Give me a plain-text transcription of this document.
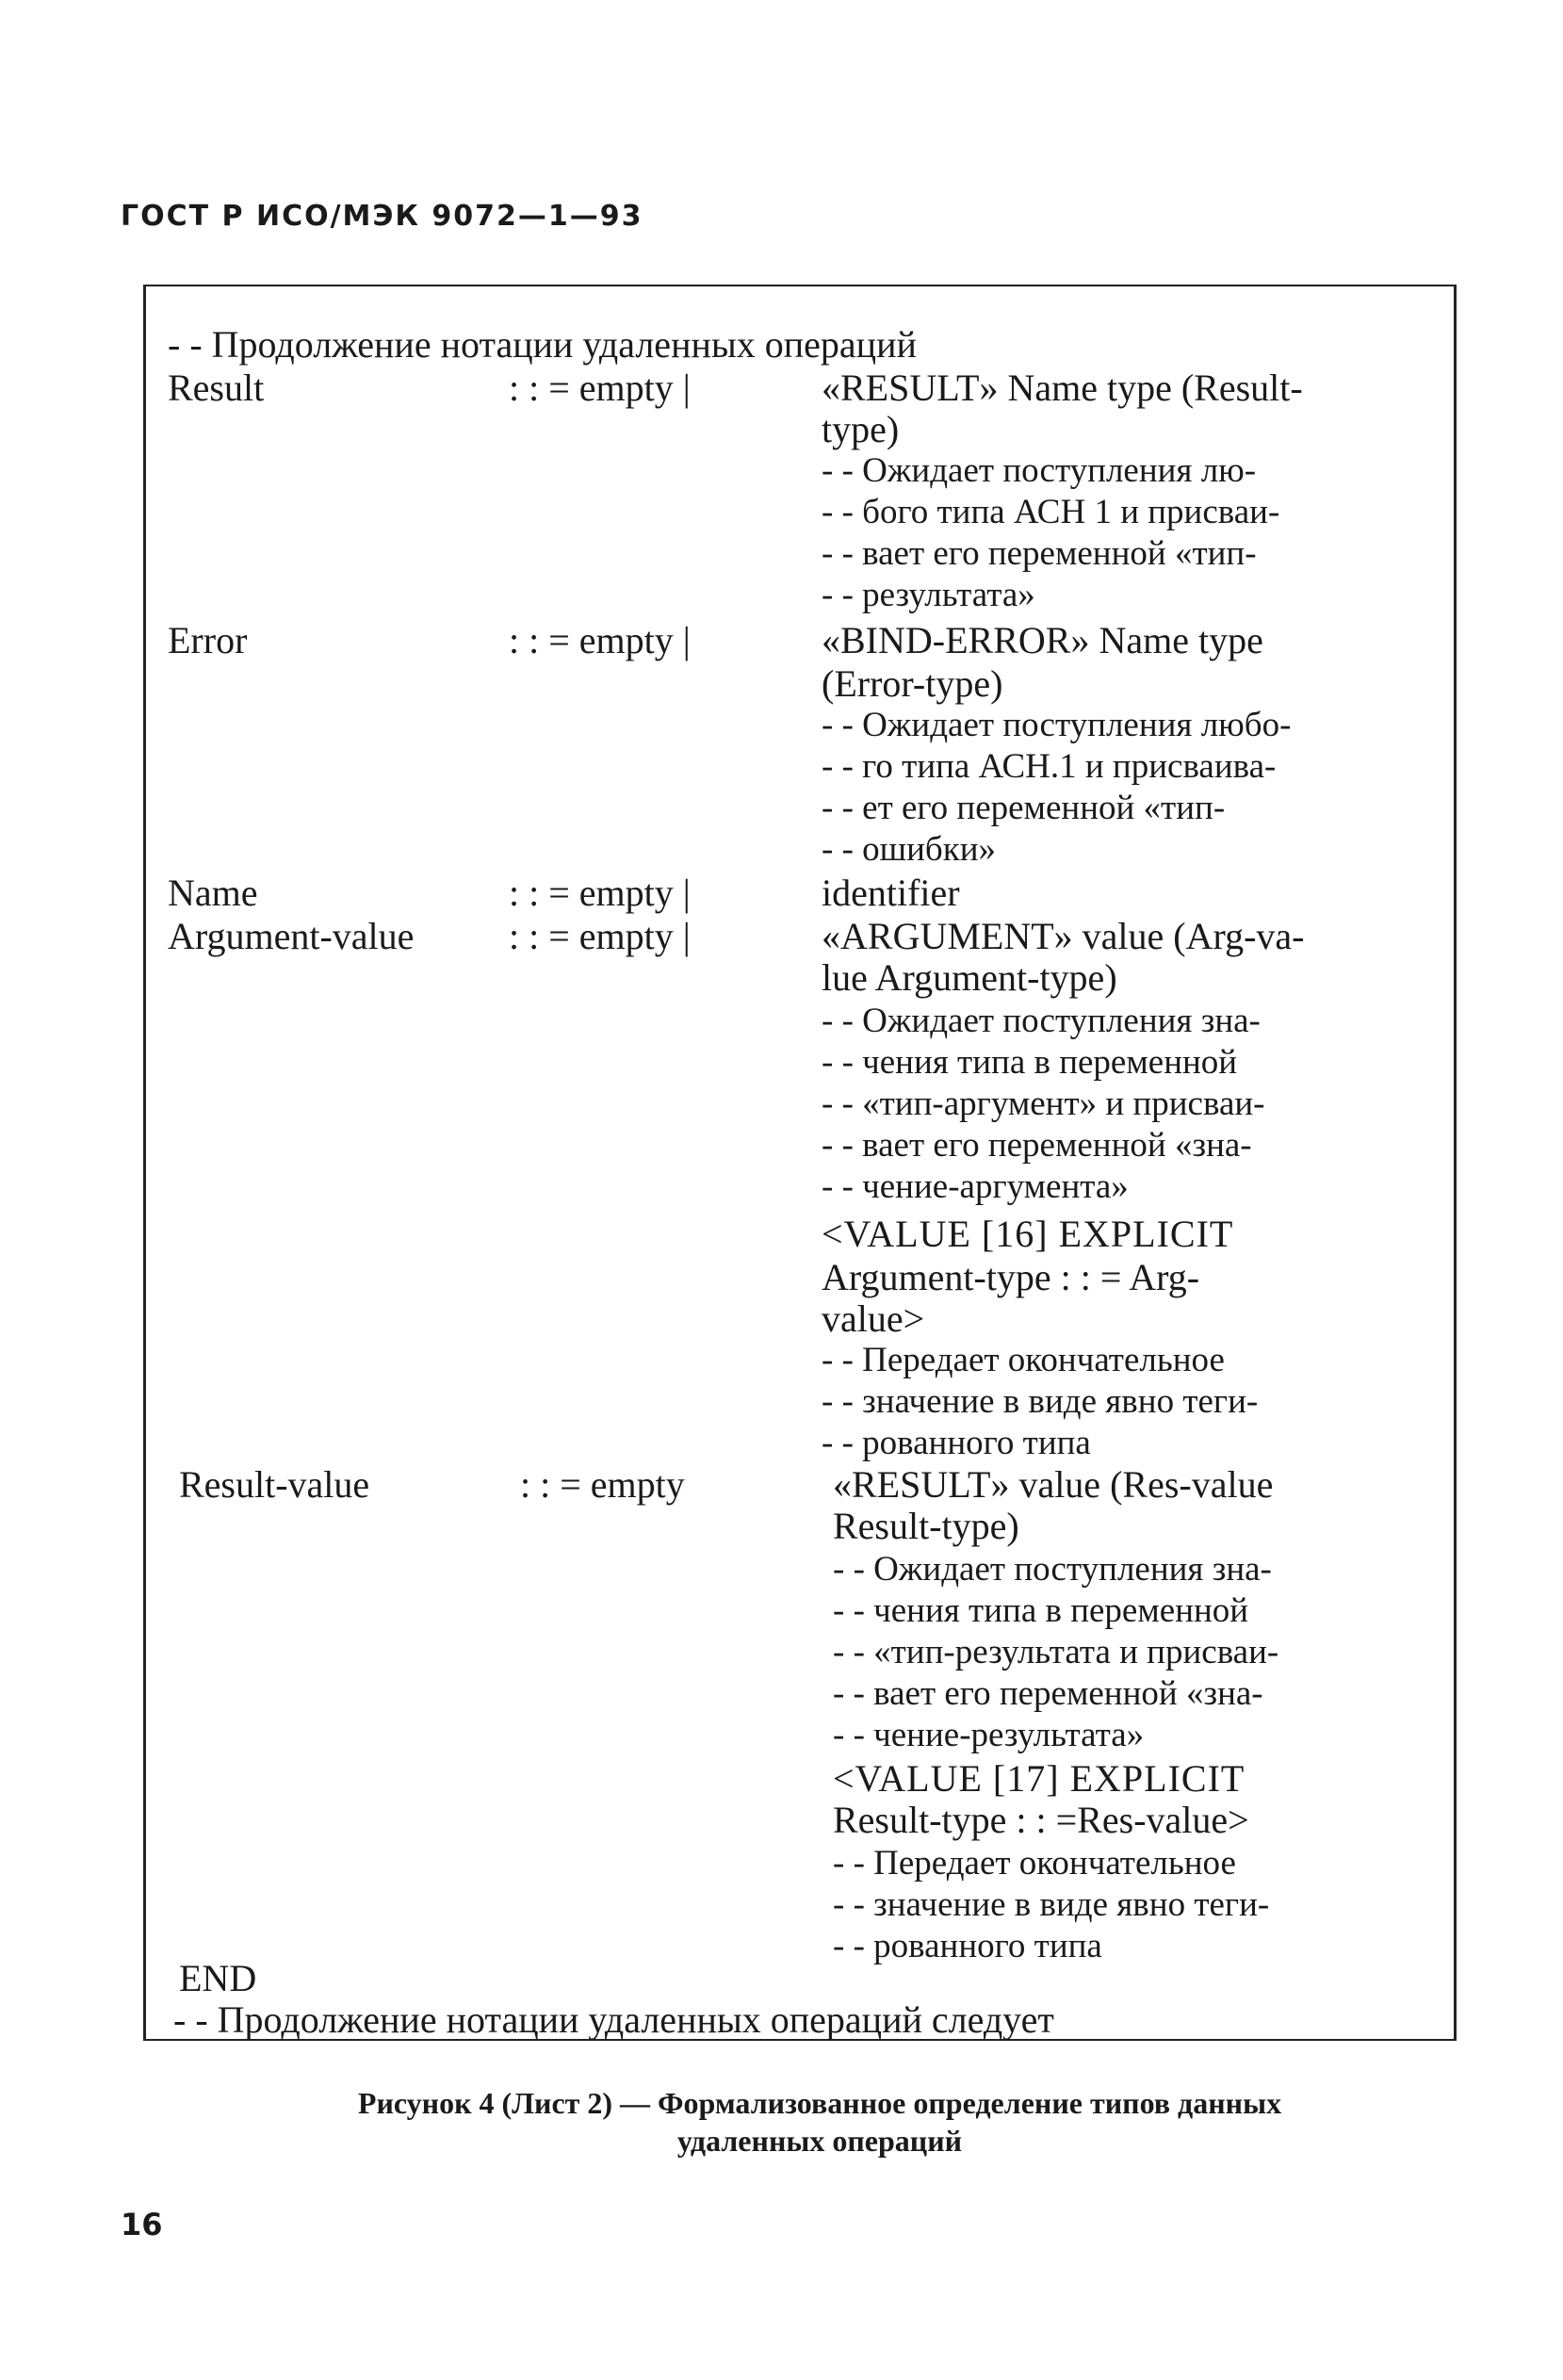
ГОСТ Р ИСО/МЭК 9072—1—93
- - Продолжение нотации удаленных операций
Result	: : = empty |	«RESULT» Name type (Result-
type)
- - Ожидает поступления лю-
- - бого типа АСН 1 и присваи-
- - вает его переменной «тип-
- - результата»
Error	: : = empty |	«BIND-ERROR» Name type
(Error-type)
- - Ожидает поступления любо-
- - го типа АСН.1 и присваива-
- - ет его переменной «тип-
- - ошибки»
Name	: : = empty |	identifier
Argument-value	: : = empty |	«ARGUMENT» value (Arg-va-
lue Argument-type)
- - Ожидает поступления зна-
- - чения типа в переменной
- - «тип-аргумент» и присваи-
- - вает его переменной «зна-
- - чение-аргумента»
<VALUE [16] EXPLICIT
Argument-type : : = Arg-
value>
- - Передает окончательное
- - значение в виде явно теги-
- - рованного типа
Result-value	: : = empty	«RESULT» value (Res-value
Result-type)
- - Ожидает поступления зна-
- - чения типа в переменной
- - «тип-результата и присваи-
- - вает его переменной «зна-
- - чение-результата»
<VALUE [17] EXPLICIT
Result-type : : =Res-value>
- - Передает окончательное
- - значение в виде явно теги-
- - рованного типа
END
- - Продолжение нотации удаленных операций следует
Рисунок 4 (Лист 2) — Формализованное определение типов данных
удаленных операций
16
